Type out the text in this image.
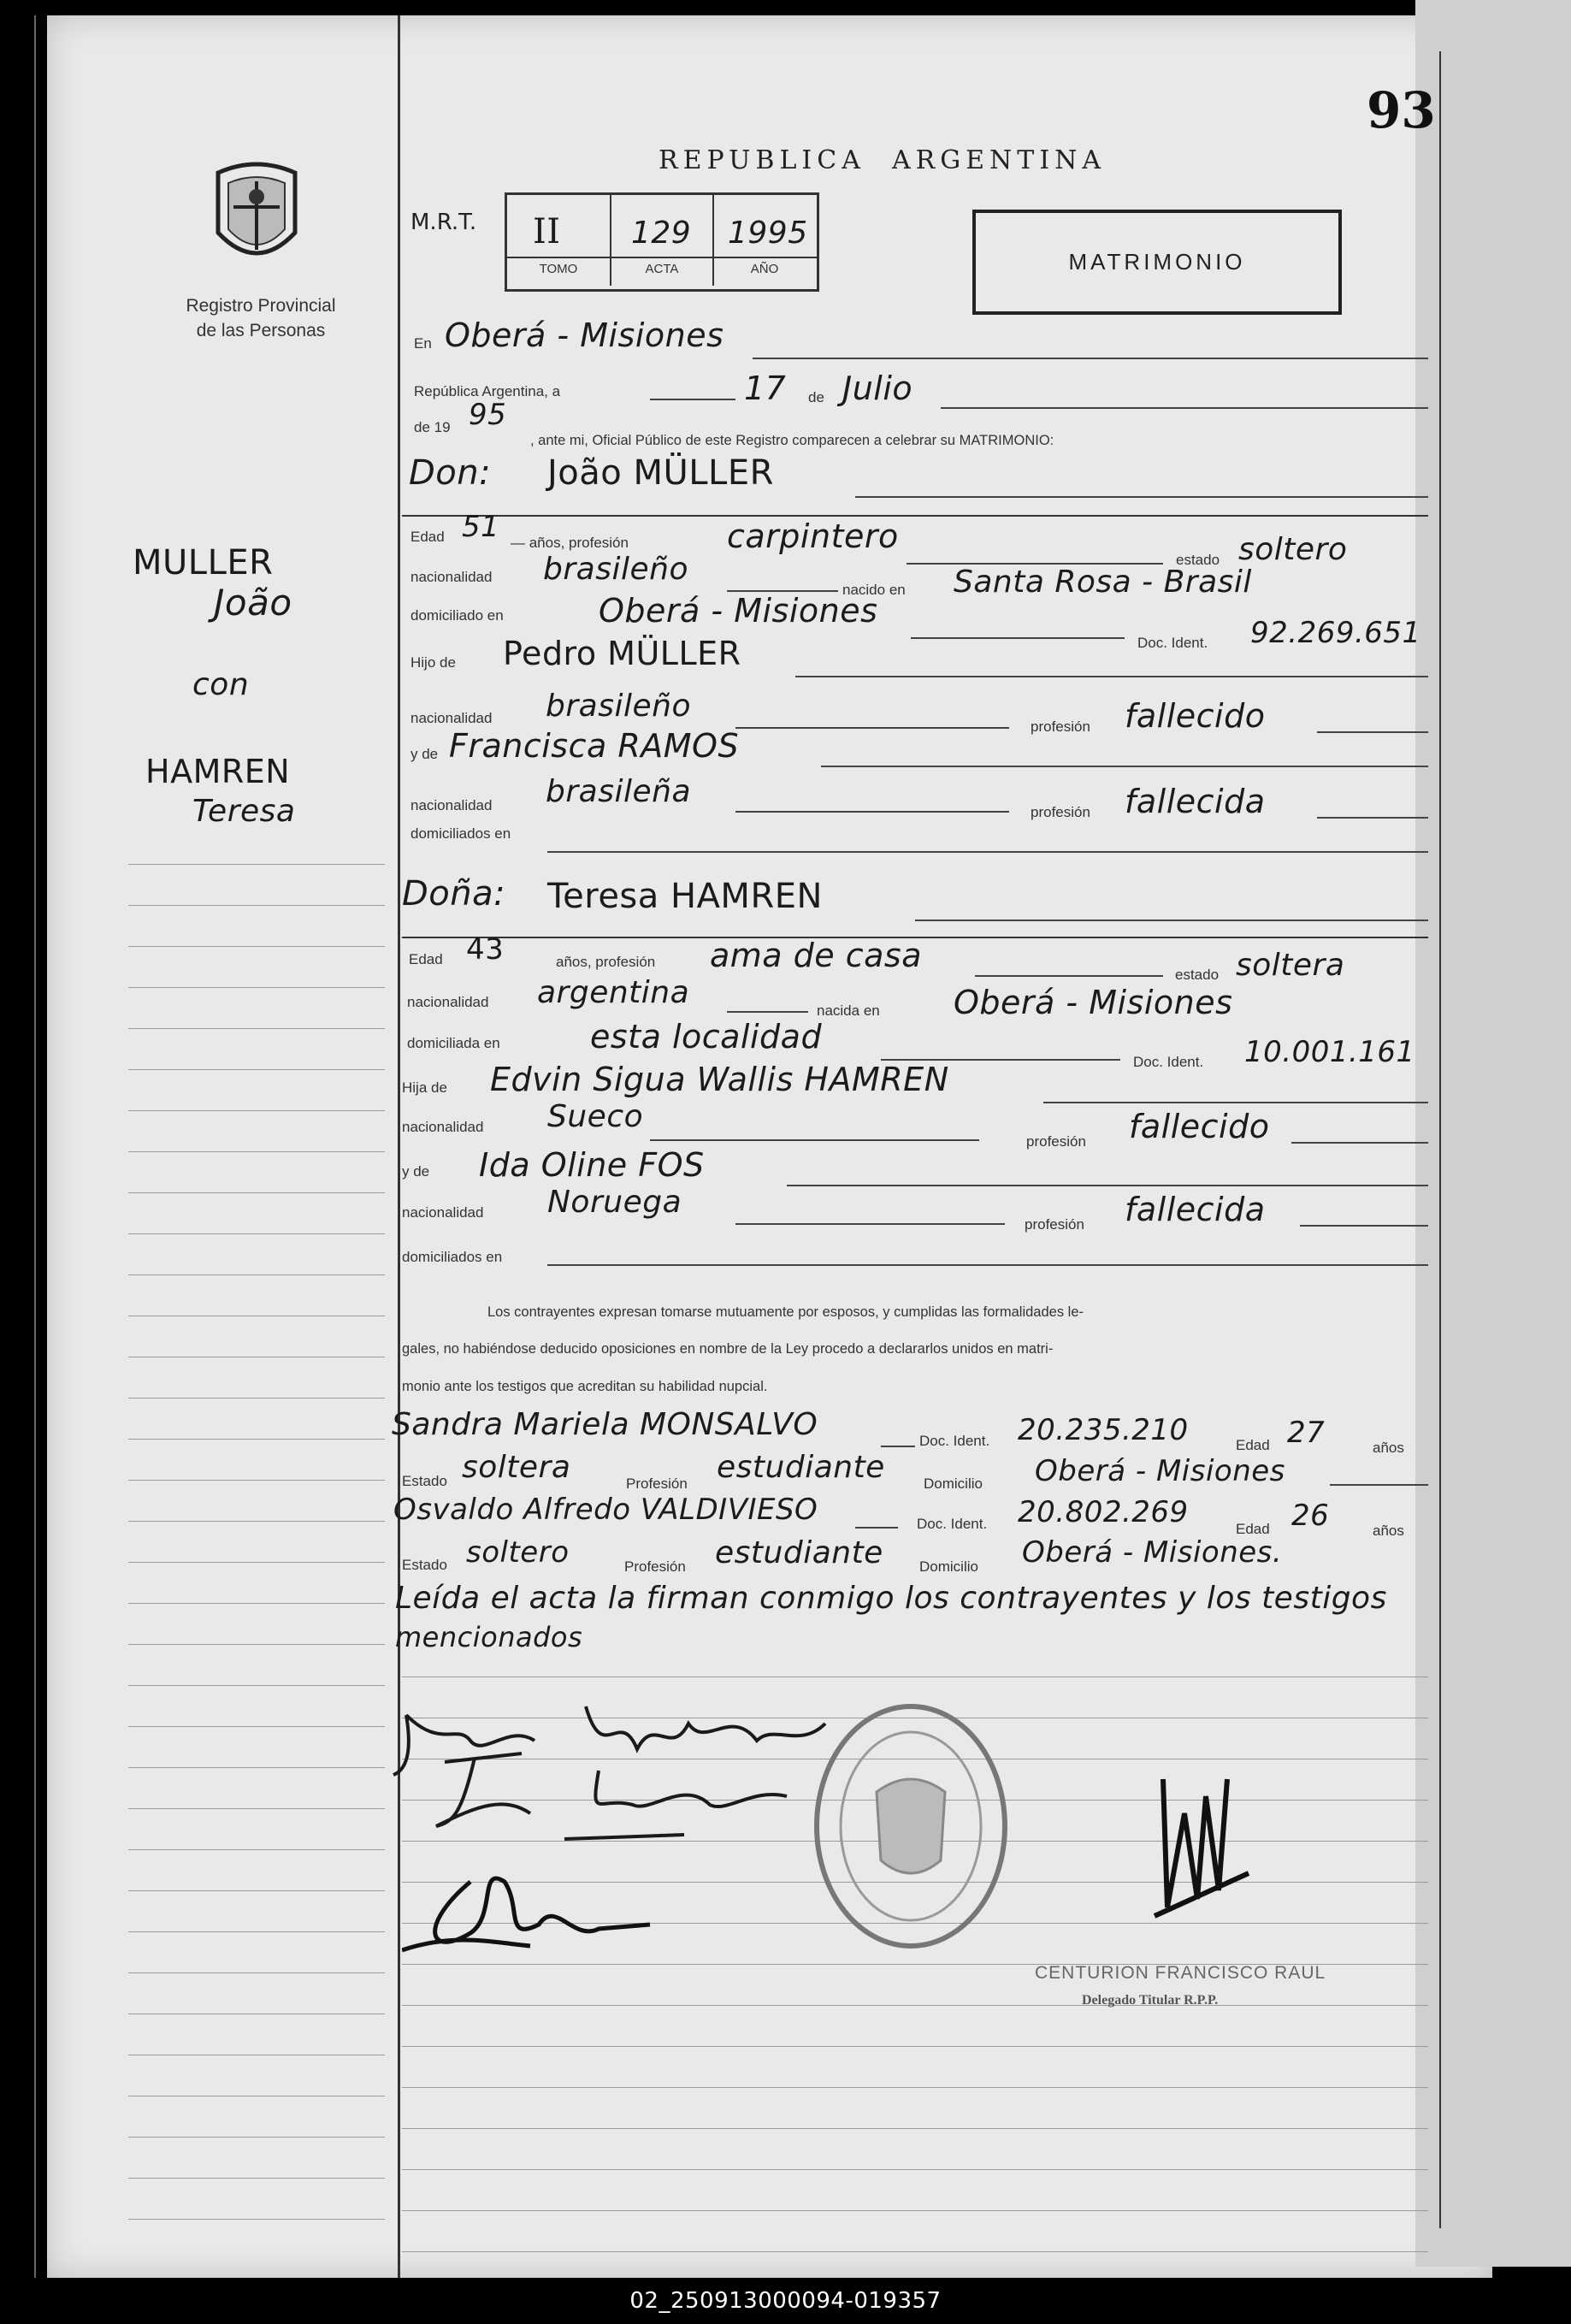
93
Registro Provincial
de las Personas
REPUBLICA  ARGENTINA
M.R.T. II 129 1995
TOMO	ACTA	AÑO	MATRIMONIO
MULLER
João
con
HAMREN
Teresa
En Oberá - Misiones
República Argentina, a	17 de Julio
de 19 95
, ante mi, Oficial Público de este Registro comparecen a celebrar su MATRIMONIO:
Don: João MÜLLER
Edad 51 — años, profesión	carpintero
estado soltero
nacionalidad brasileño
nacido en Santa Rosa - Brasil
domiciliado en	Oberá - Misiones
Doc. Ident. 92.269.651
Hijo de Pedro MÜLLER
nacionalidad brasileño
profesión fallecido
y de Francisca RAMOS
nacionalidad brasileña
profesión fallecida
domiciliados en
Doña: Teresa HAMREN
Edad 43	años, profesión ama de casa
estado soltera
nacionalidad argentina
nacida en Oberá - Misiones
domiciliada en	esta localidad
Doc. Ident. 10.001.161
Hija de Edvin Sigua Wallis HAMREN
nacionalidad Sueco
profesión fallecido
y de Ida Oline FOS
nacionalidad Noruega
profesión fallecida
domiciliados en
Los contrayentes expresan tomarse mutuamente por esposos, y cumplidas las formalidades le-
gales, no habiéndose deducido oposiciones en nombre de la Ley procedo a declararlos unidos en matri-
monio ante los testigos que acreditan su habilidad nupcial.
Sandra Mariela MONSALVO	Doc. Ident. 20.235.210	Edad 27	años
Estado soltera	Profesión estudiante	Domicilio Oberá - Misiones
Osvaldo Alfredo VALDIVIESO	Doc. Ident. 20.802.269	Edad 26	años
Estado soltero	Profesión estudiante Domicilio Oberá - Misiones.
Leída el acta la firman conmigo los contrayentes y los testigos
mencionados
CENTURION FRANCISCO RAUL
Delegado Titular R.P.P.
02_250913000094-019357
